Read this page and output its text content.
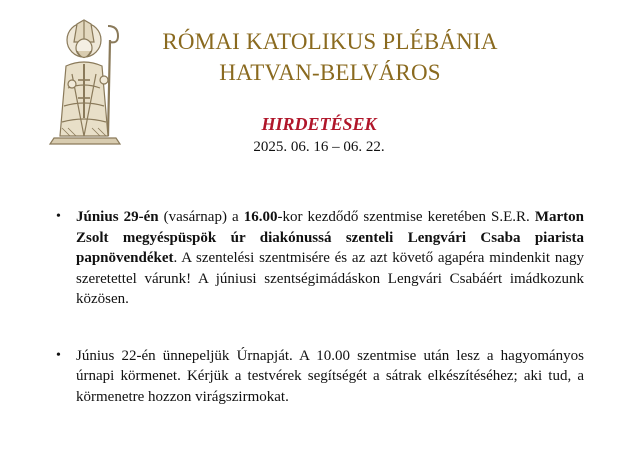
RÓMAI KATOLIKUS PLÉBÁNIA
HATVAN-BELVÁROS
HIRDETÉSEK
2025. 06. 16 – 06. 22.
• Június 29-én (vasárnap) a 16.00-kor kezdődő szentmise keretében S.E.R. Marton Zsolt megyéspüspök úr diakónussá szenteli Lengvári Csaba piarista papnövendéket. A szentelési szentmisére és az azt követő agapéra mindenkit nagy szeretettel várunk! A júniusi szentségimádáskon Lengvári Csabáért imádkozunk közösen.
• Június 22-én ünnepeljük Úrnapját. A 10.00 szentmise után lesz a hagyományos úrnapi körmenet. Kérjük a testvérek segítségét a sátrak elkészítéséhez; aki tud, a körmenetre hozzon virágszirmokat.
